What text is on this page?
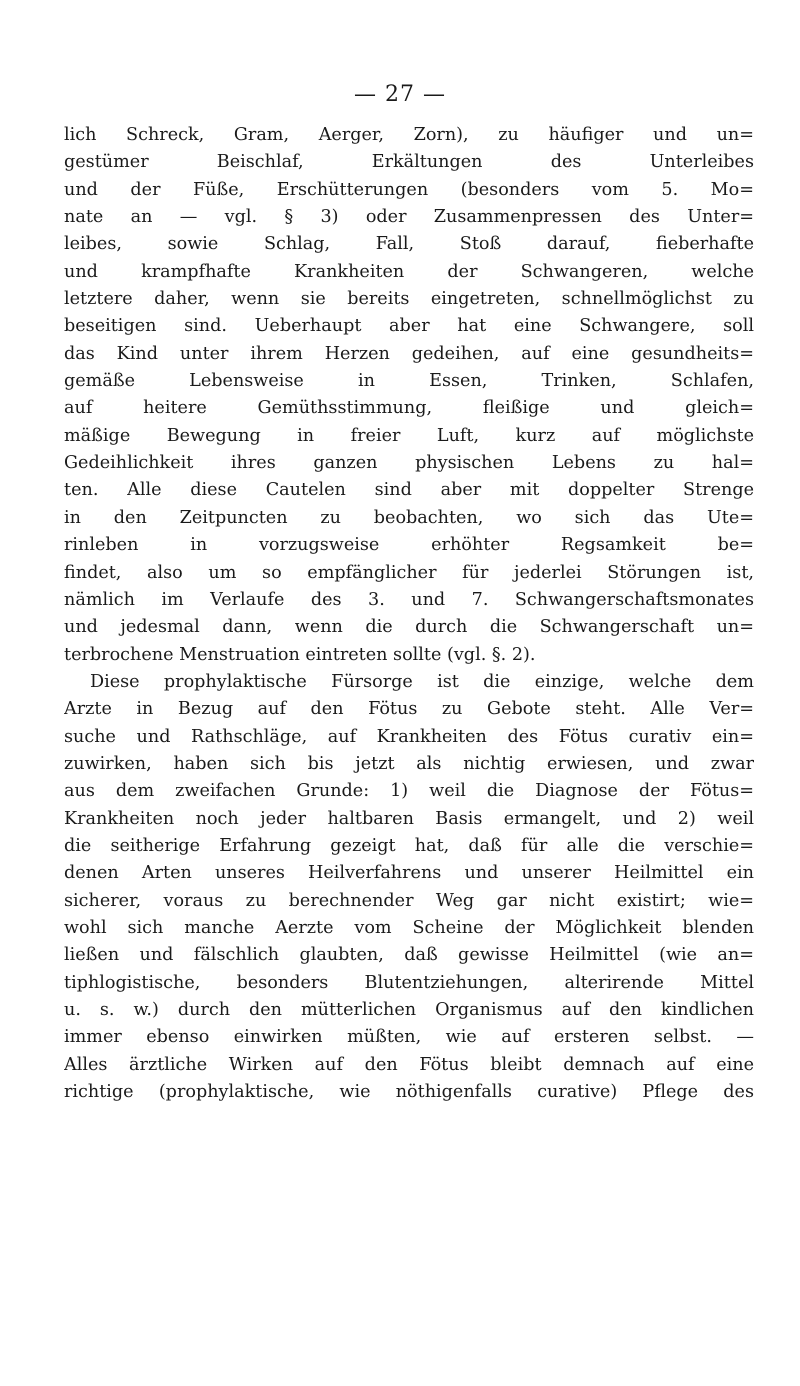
— 27 —
lich Schreck, Gram, Aerger, Zorn), zu häufiger und un=
gestümer Beischlaf, Erkältungen des Unterleibes
und der Füße, Erschütterungen (besonders vom 5. Mo=
nate an — vgl. § 3) oder Zusammenpressen des Unter=
leibes, sowie Schlag, Fall, Stoß darauf, fieberhafte
und krampfhafte Krankheiten der Schwangeren, welche
letztere daher, wenn sie bereits eingetreten, schnellmöglichst zu
beseitigen sind. Ueberhaupt aber hat eine Schwangere, soll
das Kind unter ihrem Herzen gedeihen, auf eine gesundheits=
gemäße Lebensweise in Essen, Trinken, Schlafen,
auf heitere Gemüthsstimmung, fleißige und gleich=
mäßige Bewegung in freier Luft, kurz auf möglichste
Gedeihlichkeit ihres ganzen physischen Lebens zu hal=
ten. Alle diese Cautelen sind aber mit doppelter Strenge
in den Zeitpuncten zu beobachten, wo sich das Ute=
rinleben in vorzugsweise erhöhter Regsamkeit be=
findet, also um so empfänglicher für jederlei Störungen ist,
nämlich im Verlaufe des 3. und 7. Schwangerschaftsmonates
und jedesmal dann, wenn die durch die Schwangerschaft un=
terbrochene Menstruation eintreten sollte (vgl. §. 2).
Diese prophylaktische Fürsorge ist die einzige, welche dem
Arzte in Bezug auf den Fötus zu Gebote steht. Alle Ver=
suche und Rathschläge, auf Krankheiten des Fötus curativ ein=
zuwirken, haben sich bis jetzt als nichtig erwiesen, und zwar
aus dem zweifachen Grunde: 1) weil die Diagnose der Fötus=
Krankheiten noch jeder haltbaren Basis ermangelt, und 2) weil
die seitherige Erfahrung gezeigt hat, daß für alle die verschie=
denen Arten unseres Heilverfahrens und unserer Heilmittel ein
sicherer, voraus zu berechnender Weg gar nicht existirt; wie=
wohl sich manche Aerzte vom Scheine der Möglichkeit blenden
ließen und fälschlich glaubten, daß gewisse Heilmittel (wie an=
tiphlogistische, besonders Blutentziehungen, alterirende Mittel
u. s. w.) durch den mütterlichen Organismus auf den kindlichen
immer ebenso einwirken müßten, wie auf ersteren selbst. —
Alles ärztliche Wirken auf den Fötus bleibt demnach auf eine
richtige (prophylaktische, wie nöthigenfalls curative) Pflege des
